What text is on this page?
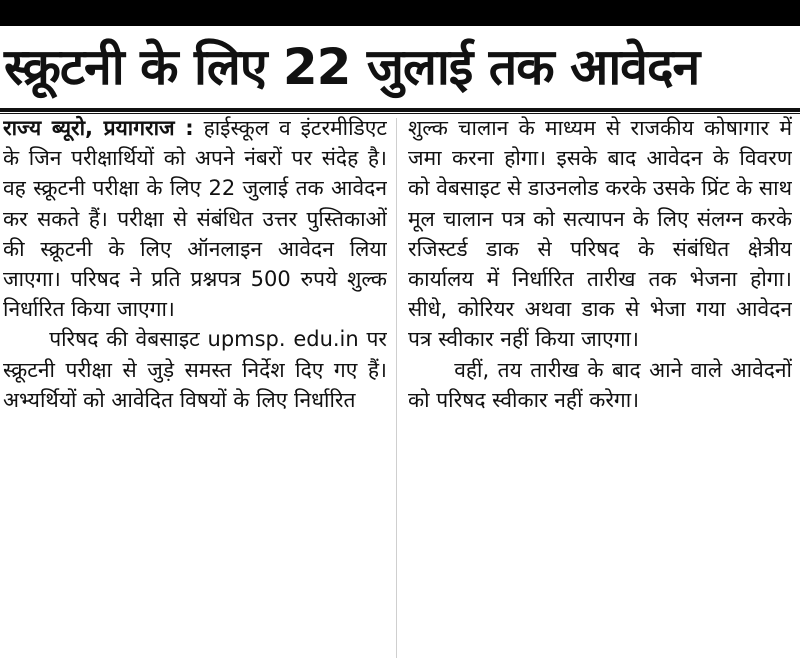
स्क्रूटनी के लिए 22 जुलाई तक आवेदन

राज्य ब्यूरो, प्रयागराज : हाईस्कूल व इंटरमीडिएट के जिन परीक्षार्थियों को अपने नंबरों पर संदेह है। वह स्क्रूटनी परीक्षा के लिए 22 जुलाई तक आवेदन कर सकते हैं। परीक्षा से संबंधित उत्तर पुस्तिकाओं की स्क्रूटनी के लिए ऑनलाइन आवेदन लिया जाएगा। परिषद ने प्रति प्रश्नपत्र 500 रुपये शुल्क निर्धारित किया जाएगा।

परिषद की वेबसाइट upmsp. edu.in पर स्क्रूटनी परीक्षा से जुड़े समस्त निर्देश दिए गए हैं। अभ्यर्थियों को आवेदित विषयों के लिए निर्धारित

शुल्क चालान के माध्यम से राजकीय कोषागार में जमा करना होगा। इसके बाद आवेदन के विवरण को वेबसाइट से डाउनलोड करके उसके प्रिंट के साथ मूल चालान पत्र को सत्यापन के लिए संलग्न करके रजिस्टर्ड डाक से परिषद के संबंधित क्षेत्रीय कार्यालय में निर्धारित तारीख तक भेजना होगा। सीधे, कोरियर अथवा डाक से भेजा गया आवेदन पत्र स्वीकार नहीं किया जाएगा।

वहीं, तय तारीख के बाद आने वाले आवेदनों को परिषद स्वीकार नहीं करेगा।
